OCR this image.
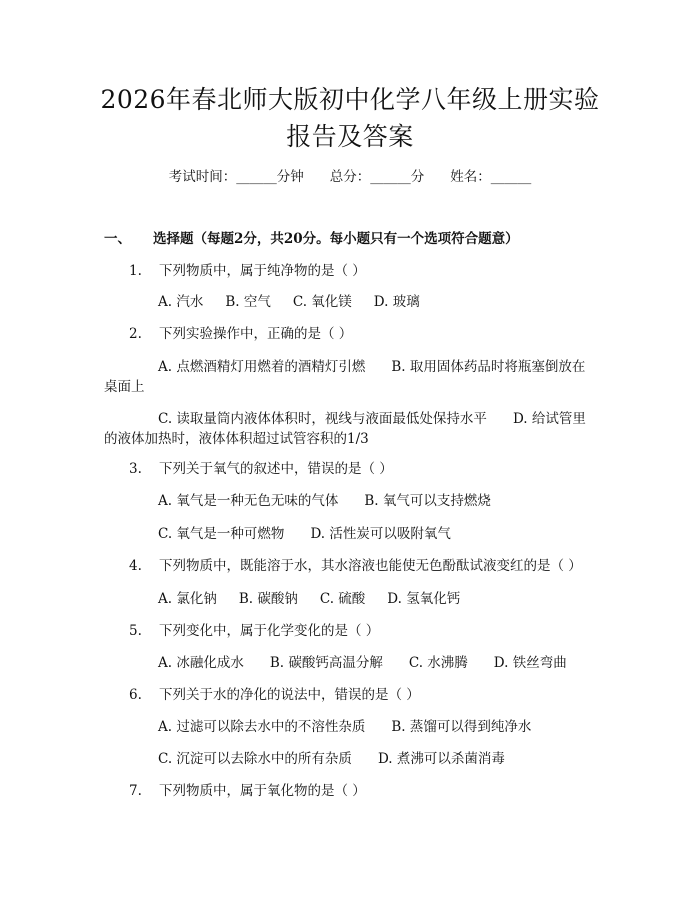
2026年春北师大版初中化学八年级上册实验
报告及答案
考试时间：______分钟 总分：______分 姓名：______
一、 选择题（每题2分，共20分。每小题只有一个选项符合题意）
1. 下列物质中，属于纯净物的是（ ）
A. 汽水 B. 空气 C. 氧化镁 D. 玻璃
2. 下列实验操作中，正确的是（ ）
A. 点燃酒精灯用燃着的酒精灯引燃 B. 取用固体药品时将瓶塞倒放在
桌面上
C. 读取量筒内液体体积时，视线与液面最低处保持水平 D. 给试管里
的液体加热时，液体体积超过试管容积的1/3
3. 下列关于氧气的叙述中，错误的是（ ）
A. 氧气是一种无色无味的气体 B. 氧气可以支持燃烧
C. 氧气是一种可燃物 D. 活性炭可以吸附氧气
4. 下列物质中，既能溶于水，其水溶液也能使无色酚酞试液变红的是（ ）
A. 氯化钠 B. 碳酸钠 C. 硫酸 D. 氢氧化钙
5. 下列变化中，属于化学变化的是（ ）
A. 冰融化成水 B. 碳酸钙高温分解 C. 水沸腾 D. 铁丝弯曲
6. 下列关于水的净化的说法中，错误的是（ ）
A. 过滤可以除去水中的不溶性杂质 B. 蒸馏可以得到纯净水
C. 沉淀可以去除水中的所有杂质 D. 煮沸可以杀菌消毒
7. 下列物质中，属于氧化物的是（ ）
